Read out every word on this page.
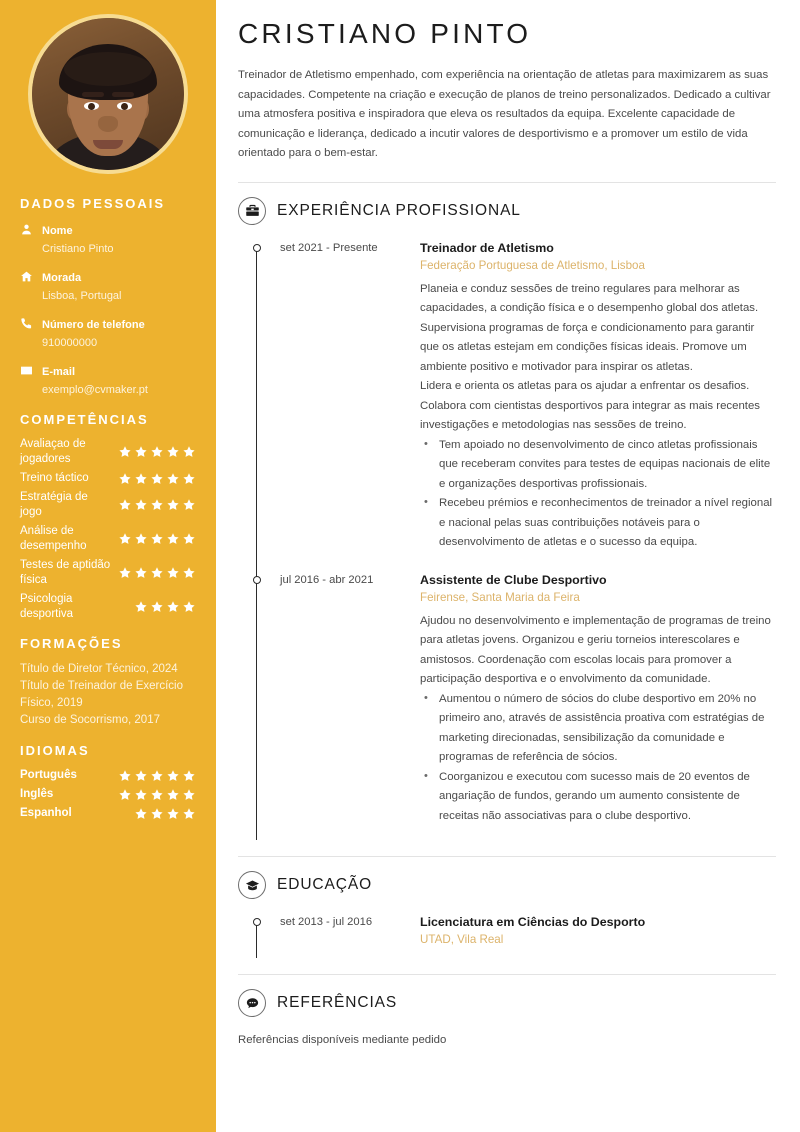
DADOS PESSOAIS
Nome
Cristiano Pinto
Morada
Lisboa, Portugal
Número de telefone
910000000
E-mail
exemplo@cvmaker.pt
COMPETÊNCIAS
Avaliaçao de jogadores
Treino táctico
Estratégia de jogo
Análise de desempenho
Testes de aptidão física
Psicologia desportiva
FORMAÇÕES
Título de Diretor Técnico, 2024
Título de Treinador de Exercício Físico, 2019
Curso de Socorrismo, 2017
IDIOMAS
Português
Inglês
Espanhol
CRISTIANO PINTO

Treinador de Atletismo empenhado, com experiência na orientação de atletas para maximizarem as suas capacidades. Competente na criação e execução de planos de treino personalizados. Dedicado a cultivar uma atmosfera positiva e inspiradora que eleva os resultados da equipa. Excelente capacidade de comunicação e liderança, dedicado a incutir valores de desportivismo e a promover um estilo de vida orientado para o bem-estar.

EXPERIÊNCIA PROFISSIONAL
set 2021 - Presente	Treinador de Atletismo
Federação Portuguesa de Atletismo, Lisboa
Planeia e conduz sessões de treino regulares para melhorar as capacidades, a condição física e o desempenho global dos atletas. Supervisiona programas de força e condicionamento para garantir que os atletas estejam em condições físicas ideais. Promove um ambiente positivo e motivador para inspirar os atletas.
Lidera e orienta os atletas para os ajudar a enfrentar os desafios. Colabora com cientistas desportivos para integrar as mais recentes investigações e metodologias nas sessões de treino.
• Tem apoiado no desenvolvimento de cinco atletas profissionais que receberam convites para testes de equipas nacionais de elite e organizações desportivas profissionais.
• Recebeu prémios e reconhecimentos de treinador a nível regional e nacional pelas suas contribuições notáveis para o desenvolvimento de atletas e o sucesso da equipa.
jul 2016 - abr 2021	Assistente de Clube Desportivo
Feirense, Santa Maria da Feira
Ajudou no desenvolvimento e implementação de programas de treino para atletas jovens. Organizou e geriu torneios interescolares e amistosos. Coordenação com escolas locais para promover a participação desportiva e o envolvimento da comunidade.
• Aumentou o número de sócios do clube desportivo em 20% no primeiro ano, através de assistência proativa com estratégias de marketing direcionadas, sensibilização da comunidade e programas de referência de sócios.
• Coorganizou e executou com sucesso mais de 20 eventos de angariação de fundos, gerando um aumento consistente de receitas não associativas para o clube desportivo.
EDUCAÇÃO
set 2013 - jul 2016	Licenciatura em Ciências do Desporto
UTAD, Vila Real
REFERÊNCIAS

Referências disponíveis mediante pedido
